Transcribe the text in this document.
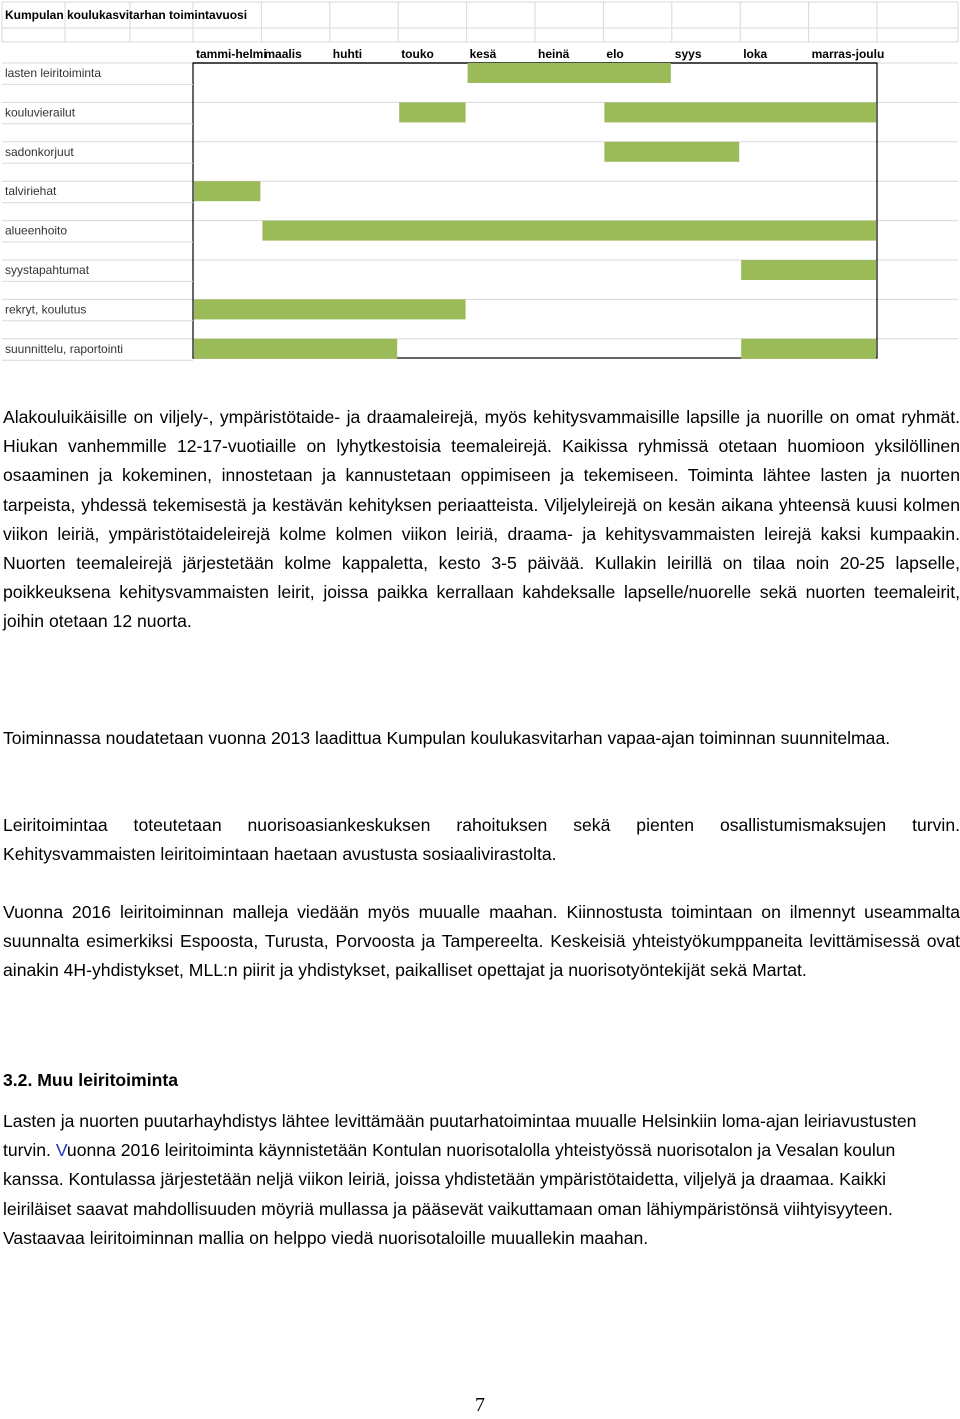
Kumpulan koulukasvitarhan toimintavuosi
tammi-helmi
maalis	huhti	touko	kesä	heinä	elo	syys	loka	marras-joulu
lasten leiritoiminta
kouluvierailut
sadonkorjuut
talviriehat
alueenhoito
syystapahtumat
rekryt, koulutus
suunnittelu, raportointi

Alakouluikäisille on viljely-, ympäristötaide- ja draamaleirejä, myös kehitysvammaisille lapsille ja nuorille on omat ryhmät. Hiukan vanhemmille 12-17-vuotiaille on lyhytkestoisia teemaleirejä. Kaikissa ryhmissä otetaan huomioon yksilöllinen osaaminen ja kokeminen, innostetaan ja kannustetaan oppimiseen ja tekemiseen. Toiminta lähtee lasten ja nuorten tarpeista, yhdessä tekemisestä ja kestävän kehityksen periaatteista. Viljelyleirejä on kesän aikana yhteensä kuusi kolmen viikon leiriä, ympäristötaideleirejä kolme kolmen viikon leiriä, draama- ja kehitysvammaisten leirejä kaksi kumpaakin. Nuorten teemaleirejä järjestetään kolme kappaletta, kesto 3-5 päivää. Kullakin leirillä on tilaa noin 20-25 lapselle, poikkeuksena kehitysvammaisten leirit, joissa paikka kerrallaan kahdeksalle lapselle/nuorelle sekä nuorten teemaleirit, joihin otetaan 12 nuorta.

Toiminnassa noudatetaan vuonna 2013 laadittua Kumpulan koulukasvitarhan vapaa-ajan toiminnan suunnitelmaa.

Leiritoimintaa toteutetaan nuorisoasiankeskuksen rahoituksen sekä pienten osallistumismaksujen turvin. Kehitysvammaisten leiritoimintaan haetaan avustusta sosiaalivirastolta.

Vuonna 2016 leiritoiminnan malleja viedään myös muualle maahan. Kiinnostusta toimintaan on ilmennyt useammalta suunnalta esimerkiksi Espoosta, Turusta, Porvoosta ja Tampereelta. Keskeisiä yhteistyökumppaneita levittämisessä ovat ainakin 4H-yhdistykset, MLL:n piirit ja yhdistykset, paikalliset opettajat ja nuorisotyöntekijät sekä Martat.

3.2. Muu leiritoiminta

Lasten ja nuorten puutarhayhdistys lähtee levittämään puutarhatoimintaa muualle Helsinkiin loma-ajan leiriavustusten turvin. Vuonna 2016 leiritoiminta käynnistetään Kontulan nuorisotalolla yhteistyössä nuorisotalon ja Vesalan koulun kanssa. Kontulassa järjestetään neljä viikon leiriä, joissa yhdistetään ympäristötaidetta, viljelyä ja draamaa. Kaikki leiriläiset saavat mahdollisuuden möyriä mullassa ja pääsevät vaikuttamaan oman lähiympäristönsä viihtyisyyteen. Vastaavaa leiritoiminnan mallia on helppo viedä nuorisotaloille muuallekin maahan.

7
